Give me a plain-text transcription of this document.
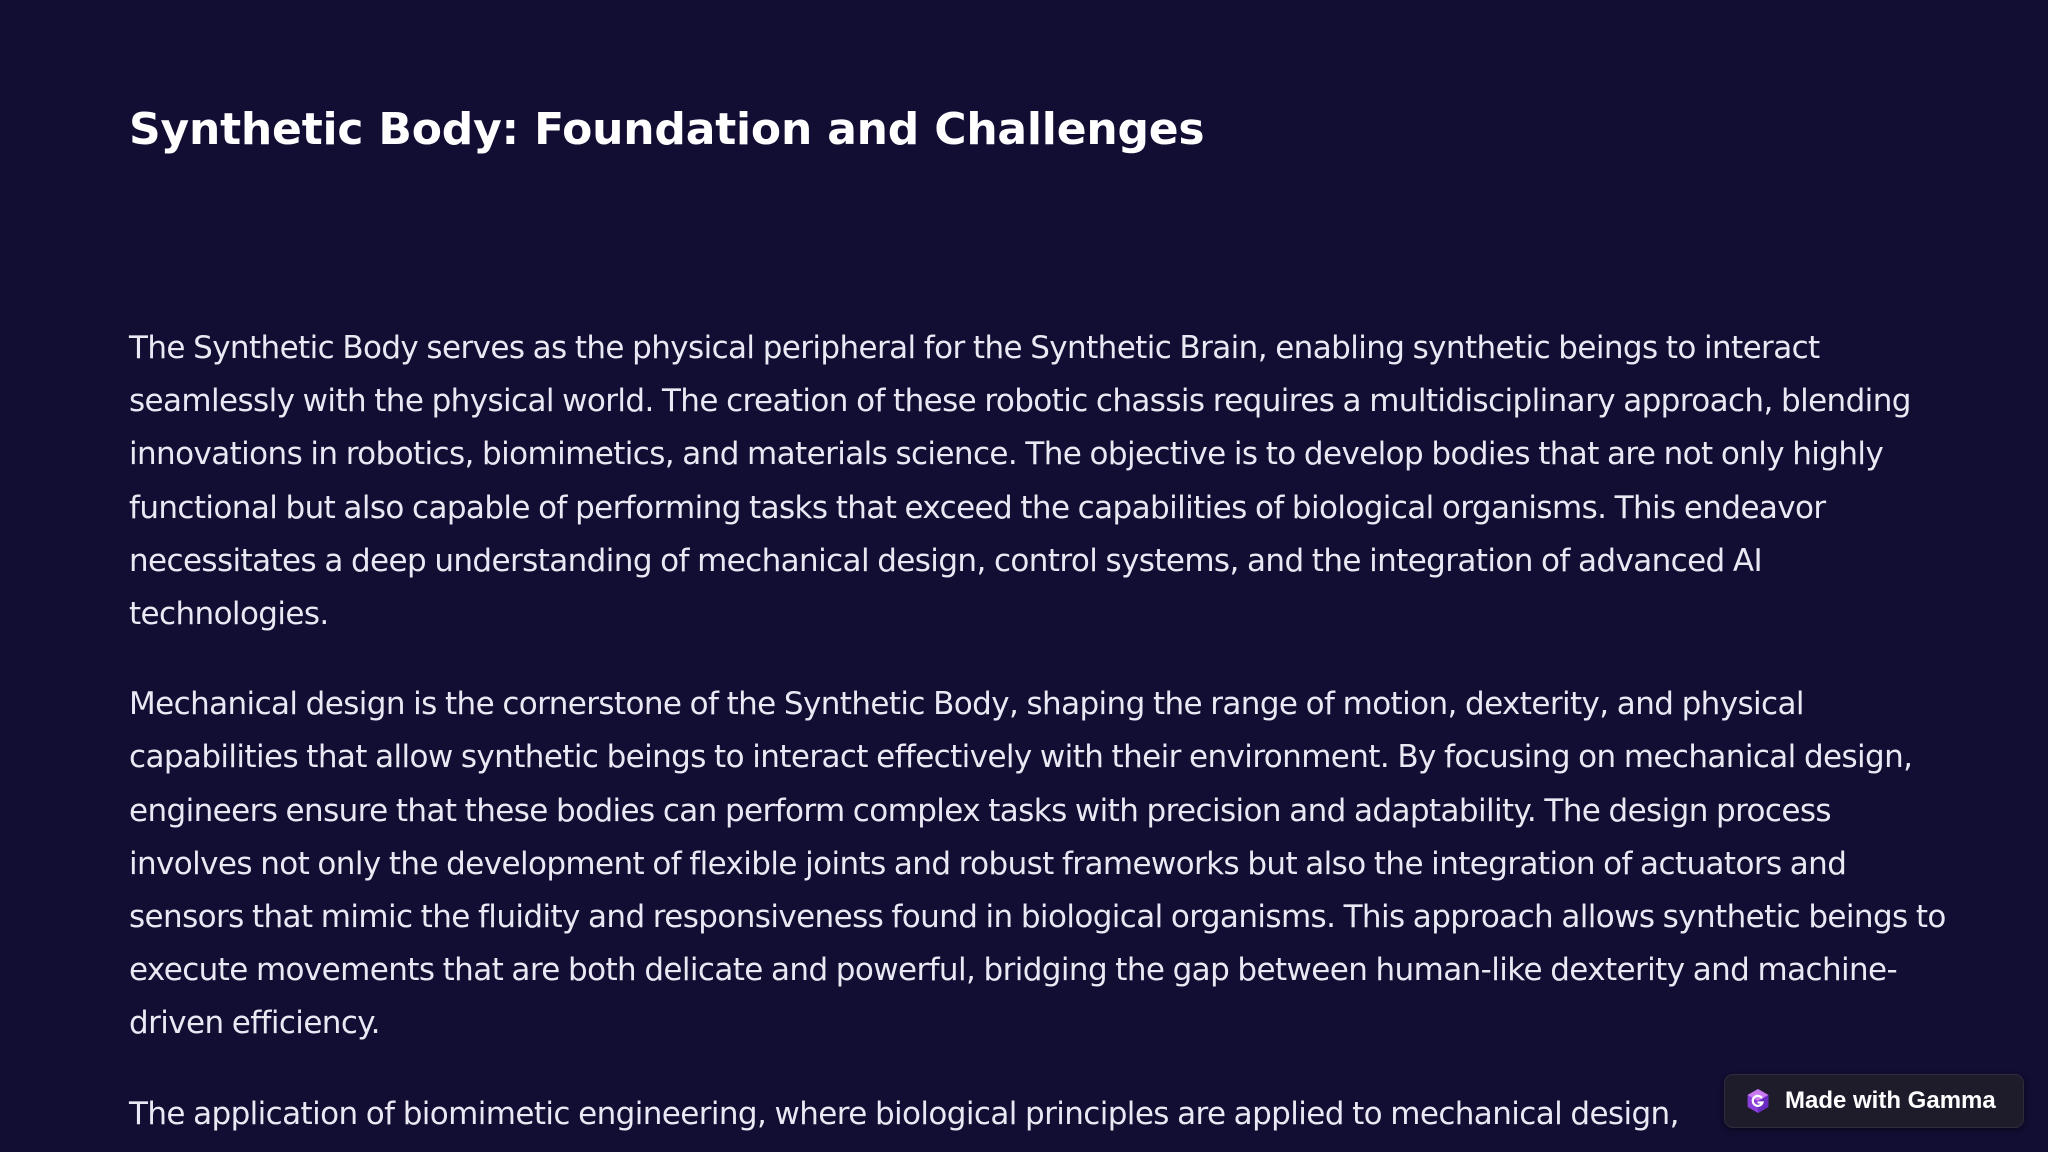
Synthetic Body: Foundation and Challenges

The Synthetic Body serves as the physical peripheral for the Synthetic Brain, enabling synthetic beings to interact seamlessly with the physical world. The creation of these robotic chassis requires a multidisciplinary approach, blending innovations in robotics, biomimetics, and materials science. The objective is to develop bodies that are not only highly functional but also capable of performing tasks that exceed the capabilities of biological organisms. This endeavor necessitates a deep understanding of mechanical design, control systems, and the integration of advanced AI technologies.

Mechanical design is the cornerstone of the Synthetic Body, shaping the range of motion, dexterity, and physical capabilities that allow synthetic beings to interact effectively with their environment. By focusing on mechanical design, engineers ensure that these bodies can perform complex tasks with precision and adaptability. The design process involves not only the development of flexible joints and robust frameworks but also the integration of actuators and sensors that mimic the fluidity and responsiveness found in biological organisms. This approach allows synthetic beings to execute movements that are both delicate and powerful, bridging the gap between human-like dexterity and machine-driven efficiency.

The application of biomimetic engineering, where biological principles are applied to mechanical design,	Made with Gamma
